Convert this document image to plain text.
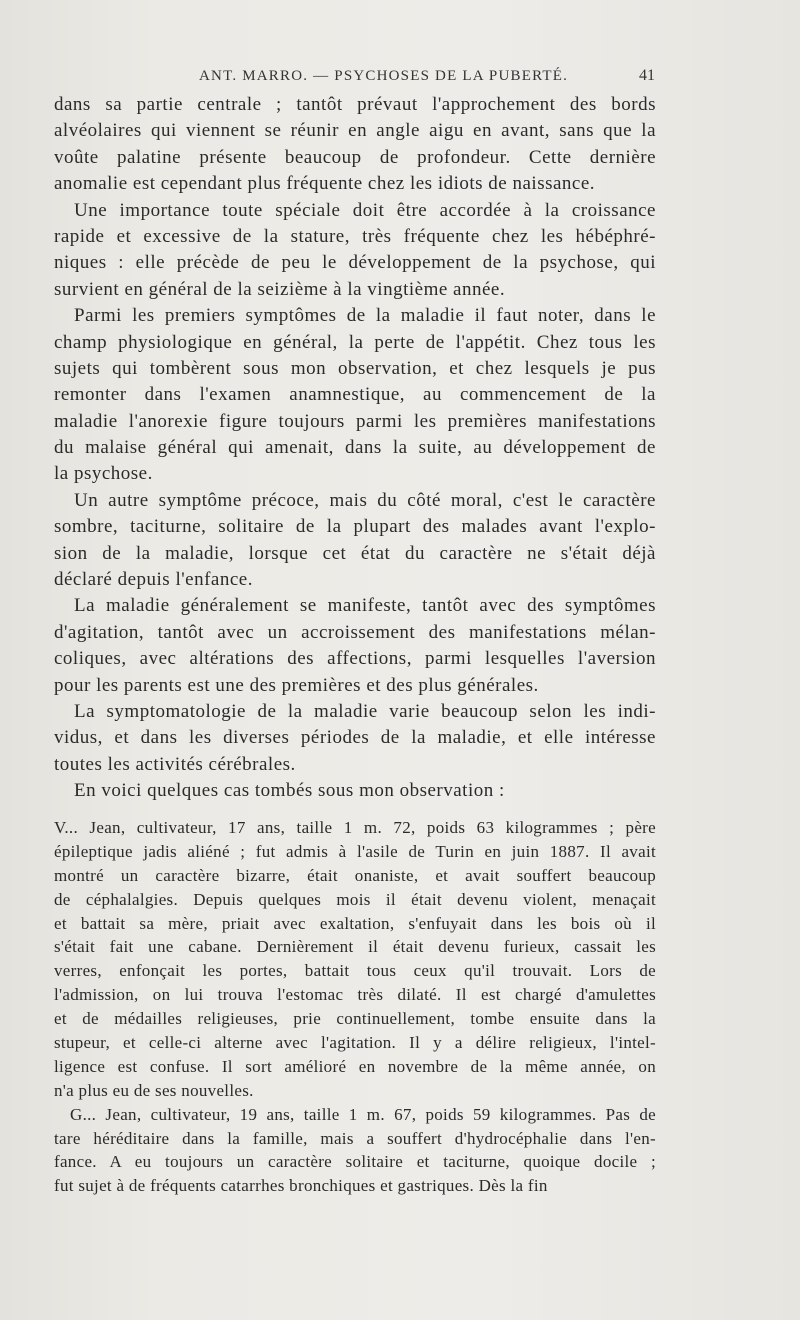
ANT. MARRO. — PSYCHOSES DE LA PUBERTÉ.	41
dans sa partie centrale ; tantôt prévaut l'approchement des bords
alvéolaires qui viennent se réunir en angle aigu en avant, sans que la
voûte palatine présente beaucoup de profondeur. Cette dernière
anomalie est cependant plus fréquente chez les idiots de naissance.
Une importance toute spéciale doit être accordée à la croissance
rapide et excessive de la stature, très fréquente chez les hébéphré-
niques : elle précède de peu le développement de la psychose, qui
survient en général de la seizième à la vingtième année.
Parmi les premiers symptômes de la maladie il faut noter, dans le
champ physiologique en général, la perte de l'appétit. Chez tous les
sujets qui tombèrent sous mon observation, et chez lesquels je pus
remonter dans l'examen anamnestique, au commencement de la
maladie l'anorexie figure toujours parmi les premières manifestations
du malaise général qui amenait, dans la suite, au développement de
la psychose.
Un autre symptôme précoce, mais du côté moral, c'est le caractère
sombre, taciturne, solitaire de la plupart des malades avant l'explo-
sion de la maladie, lorsque cet état du caractère ne s'était déjà
déclaré depuis l'enfance.
La maladie généralement se manifeste, tantôt avec des symptômes
d'agitation, tantôt avec un accroissement des manifestations mélan-
coliques, avec altérations des affections, parmi lesquelles l'aversion
pour les parents est une des premières et des plus générales.
La symptomatologie de la maladie varie beaucoup selon les indi-
vidus, et dans les diverses périodes de la maladie, et elle intéresse
toutes les activités cérébrales.
En voici quelques cas tombés sous mon observation :
V... Jean, cultivateur, 17 ans, taille 1 m. 72, poids 63 kilogrammes ; père
épileptique jadis aliéné ; fut admis à l'asile de Turin en juin 1887. Il avait
montré un caractère bizarre, était onaniste, et avait souffert beaucoup
de céphalalgies. Depuis quelques mois il était devenu violent, menaçait
et battait sa mère, priait avec exaltation, s'enfuyait dans les bois où il
s'était fait une cabane. Dernièrement il était devenu furieux, cassait les
verres, enfonçait les portes, battait tous ceux qu'il trouvait. Lors de
l'admission, on lui trouva l'estomac très dilaté. Il est chargé d'amulettes
et de médailles religieuses, prie continuellement, tombe ensuite dans la
stupeur, et celle-ci alterne avec l'agitation. Il y a délire religieux, l'intel-
ligence est confuse. Il sort amélioré en novembre de la même année, on
n'a plus eu de ses nouvelles.
G... Jean, cultivateur, 19 ans, taille 1 m. 67, poids 59 kilogrammes. Pas de
tare héréditaire dans la famille, mais a souffert d'hydrocéphalie dans l'en-
fance. A eu toujours un caractère solitaire et taciturne, quoique docile ;
fut sujet à de fréquents catarrhes bronchiques et gastriques. Dès la fin
